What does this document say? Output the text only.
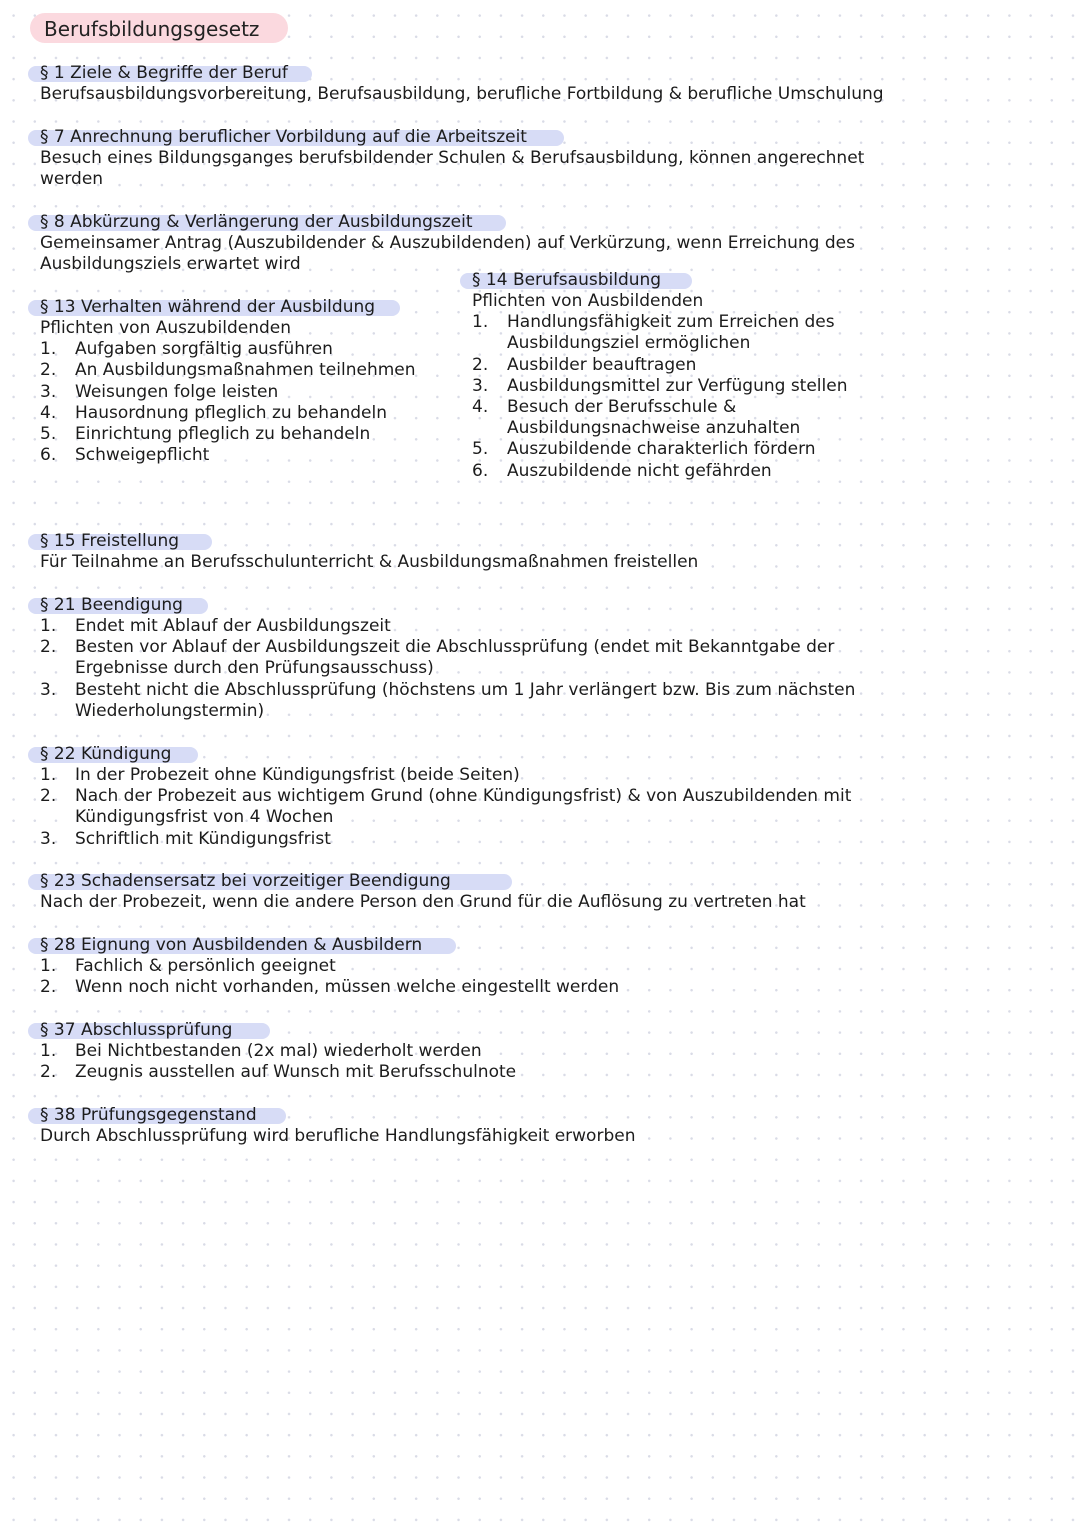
Berufsbildungsgesetz
§ 1 Ziele & Begriffe der Beruf
Berufsausbildungsvorbereitung, Berufsausbildung, berufliche Fortbildung & berufliche Umschulung
§ 7 Anrechnung beruflicher Vorbildung auf die Arbeitszeit
Besuch eines Bildungsganges berufsbildender Schulen & Berufsausbildung, können angerechnet
werden
§ 8 Abkürzung & Verlängerung der Ausbildungszeit
Gemeinsamer Antrag (Auszubildender & Auszubildenden) auf Verkürzung, wenn Erreichung des
Ausbildungsziels erwartet wird
§ 13 Verhalten während der Ausbildung
Pflichten von Auszubildenden
1. Aufgaben sorgfältig ausführen
2. An Ausbildungsmaßnahmen teilnehmen
3. Weisungen folge leisten
4. Hausordnung pfleglich zu behandeln
5. Einrichtung pfleglich zu behandeln
6. Schweigepflicht
§ 14 Berufsausbildung
Pflichten von Ausbildenden
1. Handlungsfähigkeit zum Erreichen des
Ausbildungsziel ermöglichen
2. Ausbilder beauftragen
3. Ausbildungsmittel zur Verfügung stellen
4. Besuch der Berufsschule &
Ausbildungsnachweise anzuhalten
5. Auszubildende charakterlich fördern
6. Auszubildende nicht gefährden
§ 15 Freistellung
Für Teilnahme an Berufsschulunterricht & Ausbildungsmaßnahmen freistellen
§ 21 Beendigung
1. Endet mit Ablauf der Ausbildungszeit
2. Besten vor Ablauf der Ausbildungszeit die Abschlussprüfung (endet mit Bekanntgabe der
Ergebnisse durch den Prüfungsausschuss)
3. Besteht nicht die Abschlussprüfung (höchstens um 1 Jahr verlängert bzw. Bis zum nächsten
Wiederholungstermin)
§ 22 Kündigung
1. In der Probezeit ohne Kündigungsfrist (beide Seiten)
2. Nach der Probezeit aus wichtigem Grund (ohne Kündigungsfrist) & von Auszubildenden mit
Kündigungsfrist von 4 Wochen
3. Schriftlich mit Kündigungsfrist
§ 23 Schadensersatz bei vorzeitiger Beendigung
Nach der Probezeit, wenn die andere Person den Grund für die Auflösung zu vertreten hat
§ 28 Eignung von Ausbildenden & Ausbildern
1. Fachlich & persönlich geeignet
2. Wenn noch nicht vorhanden, müssen welche eingestellt werden
§ 37 Abschlussprüfung
1. Bei Nichtbestanden (2x mal) wiederholt werden
2. Zeugnis ausstellen auf Wunsch mit Berufsschulnote
§ 38 Prüfungsgegenstand
Durch Abschlussprüfung wird berufliche Handlungsfähigkeit erworben
